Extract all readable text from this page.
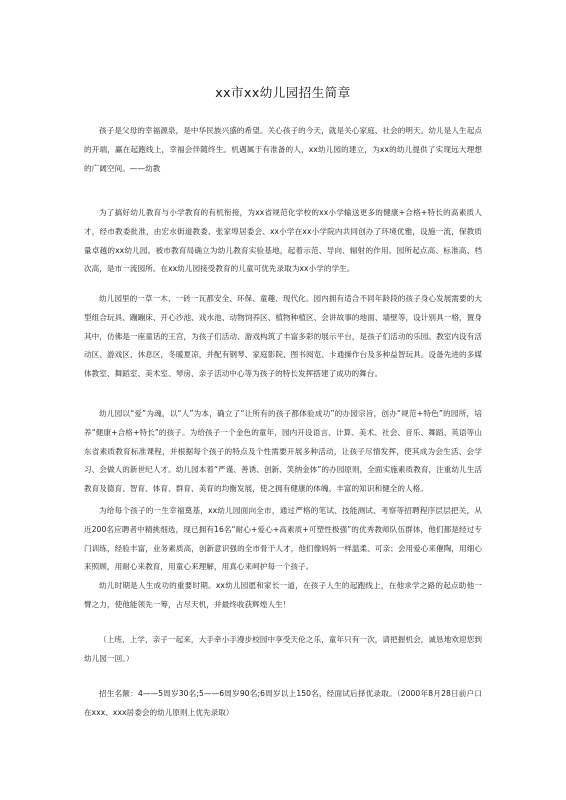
xx市xx幼儿园招生简章

孩子是父母的幸福源泉，是中华民族兴盛的希望。关心孩子的今天，就是关心家庭、社会的明天。幼儿是人生起点的开端，赢在起跑线上，幸福会伴随终生。机遇属于有准备的人，xx幼儿园的建立，为xx的幼儿提供了实现远大理想的广阔空间。——幼教

为了搞好幼儿教育与小学教育的有机衔接，为xx省规范化学校的xx小学输送更多的健康+合格+特长的高素质人才，经市教委批准，由宏水街道教委、张家埠居委会、xx小学在xx小学院内共同创办了环境优雅，设施一流，保教质量卓越的xx幼儿园。被市教育局确立为幼儿教育实验基地，起着示范、导向、辐射的作用。园所起点高、标准高、档次高，是市一流园所。在xx幼儿园接受教育的儿童可优先录取为xx小学的学生。

幼儿园里的一草一木、一砖一瓦都安全、环保、童趣、现代化。园内拥有适合不同年龄段的孩子身心发展需要的大型组合玩具、蹦蹦床、开心沙池、戏水池、动物饲养区、植物种植区、会讲故事的地面、墙壁等，设计别具一格，置身其中，仿佛是一座童话的王宫，为孩子们活动、游戏构筑了丰富多彩的展示平台，是孩子们活动的乐园。教室内设有活动区、游戏区、休息区，冬暖夏凉，并配有钢琴、家庭影院、图书阅览、卡通操作台及多种益智玩具。设备先进的多媒体教室、舞蹈室、美术室、琴房、亲子活动中心等为孩子的特长发挥搭建了成功的舞台。

幼儿园以“爱”为魂，以“人”为本，确立了“让所有的孩子都体验成功”的办园宗旨，创办“规范+特色”的园所，培养“健康+合格+特长”的孩子。为给孩子一个金色的童年，园内开设语言、计算、美术、社会、音乐、舞蹈、英语等山东省素质教育标准课程，并根据每个孩子的特点及个性需要开展多种活动，让孩子尽情发挥，使其成为会生活、会学习、会做人的新世纪人才。幼儿园本着“严谨、善诱、创新、笑纳金体”的办园原则，全面实施素质教育，注重幼儿生活教育及德育、智育、体育、群育、美育的均衡发展，使之拥有健康的体魄、丰富的知识和健全的人格。

为给每个孩子的一生幸福奠基，xx幼儿园面向全市，通过严格的笔试、技能测试、考察等招聘程序层层把关，从近200名应聘者中精挑细选，现已拥有16名“耐心+爱心+高素质+可塑性极强”的优秀教师队伍群体，他们都是经过专门训练，经验丰富，业务素质高，创新意识强的全市骨干人才，他们像妈妈一样温柔、可亲；会用爱心来催陶，用细心来照顾，用耐心来教育，用童心来理解，用真心来呵护每一个孩子。

幼儿时期是人生成功的重要时期。xx幼儿园愿和家长一道，在孩子人生的起跑线上，在他求学之路的起点助他一臂之力，使他能领先一筹，占尽天机，并最终收获辉煌人生！

（上班、上学，亲子一起来，大手牵小手漫步校园中享受天伦之乐，童年只有一次，请把握机会，诚恳地欢迎您到幼儿园一回。）

招生名额：4——5周岁30名;5——6周岁90名;6周岁以上150名，经面试后择优录取。（2000年8月28日前户口在xxx、xxx居委会的幼儿原则上优先录取）
